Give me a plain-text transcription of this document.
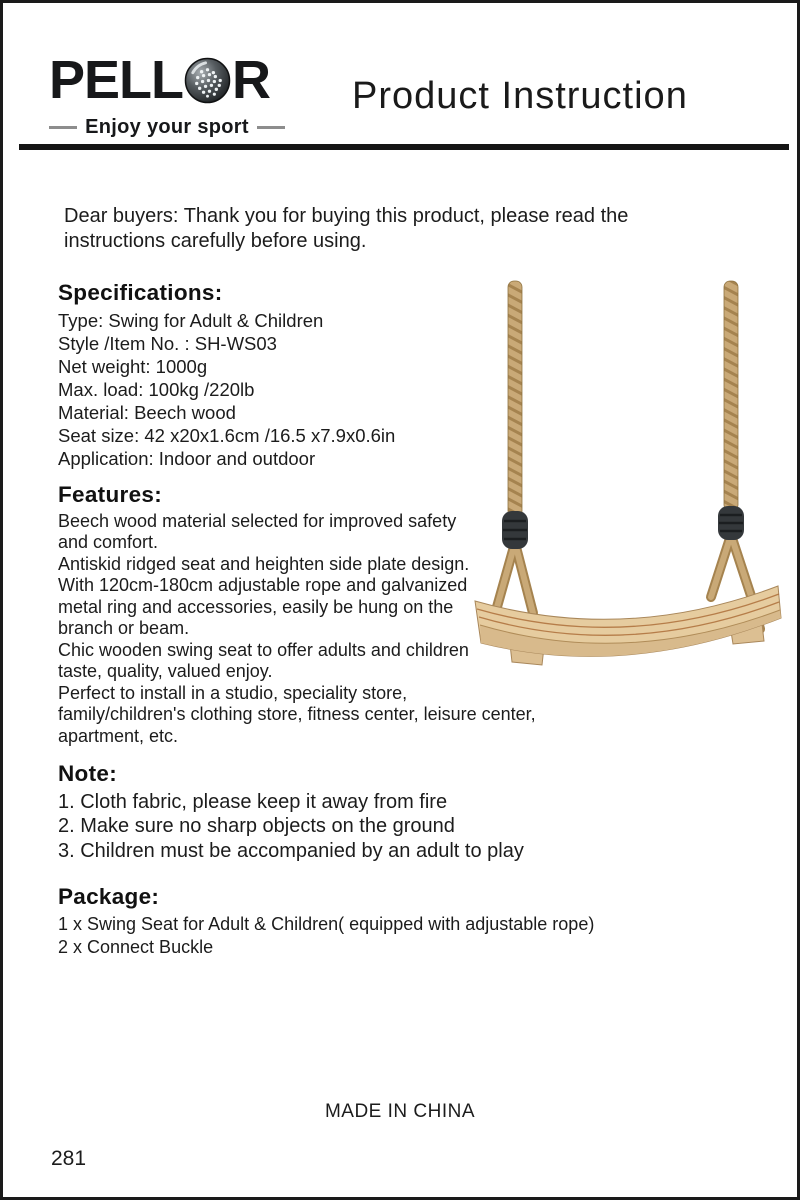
PELL R
Enjoy your sport
Product Instruction
Dear buyers: Thank you for buying this product, please read the
instructions carefully before using.
Specifications:
Type: Swing for Adult & Children
Style /Item No. : SH-WS03
Net weight: 1000g
Max. load: 100kg /220lb
Material: Beech wood
Seat size: 42 x20x1.6cm /16.5 x7.9x0.6in
Application: Indoor and outdoor
Features:
Beech wood material selected for improved safety
and comfort.
Antiskid ridged seat and heighten side plate design.
With 120cm-180cm adjustable rope and galvanized
metal ring and accessories, easily be hung on the
branch or beam.
Chic wooden swing seat to offer adults and children
taste, quality, valued enjoy.
Perfect to install in a studio, speciality store,
family/children's clothing store, fitness center, leisure center,
apartment, etc.
Note:
1. Cloth fabric, please keep it away from fire
2. Make sure no sharp objects on the ground
3. Children must be accompanied by an adult to play
Package:
1 x Swing Seat for Adult & Children( equipped with adjustable rope)
2 x Connect Buckle
MADE IN CHINA
281
